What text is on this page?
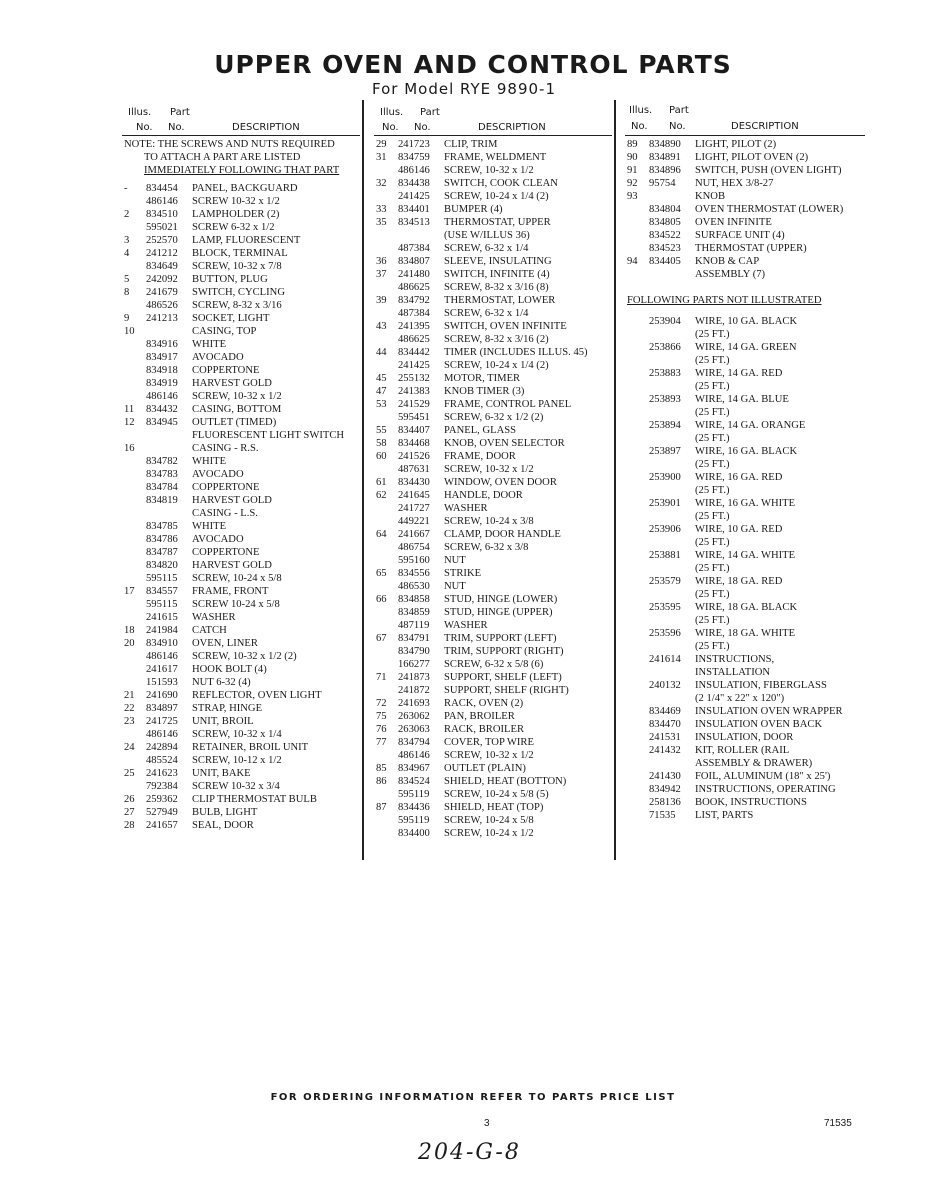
UPPER OVEN AND CONTROL PARTS
For Model RYE 9890-1
Illus. Part
No. No.	DESCRIPTION
NOTE: THE SCREWS AND NUTS REQUIRED
TO ATTACH A PART ARE LISTED
IMMEDIATELY FOLLOWING THAT PART
- 834454 PANEL, BACKGUARD
486146 SCREW 10-32 x 1/2
2 834510 LAMPHOLDER (2)
595021 SCREW 6-32 x 1/2
3 252570 LAMP, FLUORESCENT
4 241212 BLOCK, TERMINAL
834649 SCREW, 10-32 x 7/8
5 242092 BUTTON, PLUG
8 241679 SWITCH, CYCLING
486526 SCREW, 8-32 x 3/16
9 241213 SOCKET, LIGHT
10	CASING, TOP
834916 WHITE
834917 AVOCADO
834918 COPPERTONE
834919 HARVEST GOLD
486146 SCREW, 10-32 x 1/2
11 834432 CASING, BOTTOM
12 834945 OUTLET (TIMED)
FLUORESCENT LIGHT SWITCH
16	CASING - R.S.
834782 WHITE
834783 AVOCADO
834784 COPPERTONE
834819 HARVEST GOLD
CASING - L.S.
834785 WHITE
834786 AVOCADO
834787 COPPERTONE
834820 HARVEST GOLD
595115 SCREW, 10-24 x 5/8
17 834557 FRAME, FRONT
595115 SCREW 10-24 x 5/8
241615 WASHER
18 241984 CATCH
20 834910 OVEN, LINER
486146 SCREW, 10-32 x 1/2 (2)
241617 HOOK BOLT (4)
151593 NUT 6-32 (4)
21 241690 REFLECTOR, OVEN LIGHT
22 834897 STRAP, HINGE
23 241725 UNIT, BROIL
486146 SCREW, 10-32 x 1/4
24 242894 RETAINER, BROIL UNIT
485524 SCREW, 10-12 x 1/2
25 241623 UNIT, BAKE
792384 SCREW 10-32 x 3/4
26 259362 CLIP THERMOSTAT BULB
27 527949 BULB, LIGHT
28 241657 SEAL, DOOR
Illus. Part
No. No.	DESCRIPTION
29 241723 CLIP, TRIM
31 834759 FRAME, WELDMENT
486146 SCREW, 10-32 x 1/2
32 834438 SWITCH, COOK CLEAN
241425 SCREW, 10-24 x 1/4 (2)
33 834401 BUMPER (4)
35 834513 THERMOSTAT, UPPER
(USE W/ILLUS 36)
487384 SCREW, 6-32 x 1/4
36 834807 SLEEVE, INSULATING
37 241480 SWITCH, INFINITE (4)
486625 SCREW, 8-32 x 3/16 (8)
39 834792 THERMOSTAT, LOWER
487384 SCREW, 6-32 x 1/4
43 241395 SWITCH, OVEN INFINITE
486625 SCREW, 8-32 x 3/16 (2)
44 834442 TIMER (INCLUDES ILLUS. 45)
241425 SCREW, 10-24 x 1/4 (2)
45 255132 MOTOR, TIMER
47 241383 KNOB TIMER (3)
53 241529 FRAME, CONTROL PANEL
595451 SCREW, 6-32 x 1/2 (2)
55 834407 PANEL, GLASS
58 834468 KNOB, OVEN SELECTOR
60 241526 FRAME, DOOR
487631 SCREW, 10-32 x 1/2
61 834430 WINDOW, OVEN DOOR
62 241645 HANDLE, DOOR
241727 WASHER
449221 SCREW, 10-24 x 3/8
64 241667 CLAMP, DOOR HANDLE
486754 SCREW, 6-32 x 3/8
595160 NUT
65 834556 STRIKE
486530 NUT
66 834858 STUD, HINGE (LOWER)
834859 STUD, HINGE (UPPER)
487119 WASHER
67 834791 TRIM, SUPPORT (LEFT)
834790 TRIM, SUPPORT (RIGHT)
166277 SCREW, 6-32 x 5/8 (6)
71 241873 SUPPORT, SHELF (LEFT)
241872 SUPPORT, SHELF (RIGHT)
72 241693 RACK, OVEN (2)
75 263062 PAN, BROILER
76 263063 RACK, BROILER
77 834794 COVER, TOP WIRE
486146 SCREW, 10-32 x 1/2
85 834967 OUTLET (PLAIN)
86 834524 SHIELD, HEAT (BOTTON)
595119 SCREW, 10-24 x 5/8 (5)
87 834436 SHIELD, HEAT (TOP)
595119 SCREW, 10-24 x 5/8
834400 SCREW, 10-24 x 1/2
Illus. Part
No. No.	DESCRIPTION
89 834890 LIGHT, PILOT (2)
90 834891 LIGHT, PILOT OVEN (2)
91 834896 SWITCH, PUSH (OVEN LIGHT)
92 95754 NUT, HEX 3/8-27
93	KNOB
834804 OVEN THERMOSTAT (LOWER)
834805 OVEN INFINITE
834522 SURFACE UNIT (4)
834523 THERMOSTAT (UPPER)
94 834405 KNOB & CAP
ASSEMBLY (7)
FOLLOWING PARTS NOT ILLUSTRATED
253904 WIRE, 10 GA. BLACK
(25 FT.)
253866 WIRE, 14 GA. GREEN
(25 FT.)
253883 WIRE, 14 GA. RED
(25 FT.)
253893 WIRE, 14 GA. BLUE
(25 FT.)
253894 WIRE, 14 GA. ORANGE
(25 FT.)
253897 WIRE, 16 GA. BLACK
(25 FT.)
253900 WIRE, 16 GA. RED
(25 FT.)
253901 WIRE, 16 GA. WHITE
(25 FT.)
253906 WIRE, 10 GA. RED
(25 FT.)
253881 WIRE, 14 GA. WHITE
(25 FT.)
253579 WIRE, 18 GA. RED
(25 FT.)
253595 WIRE, 18 GA. BLACK
(25 FT.)
253596 WIRE, 18 GA. WHITE
(25 FT.)
241614 INSTRUCTIONS,
INSTALLATION
240132 INSULATION, FIBERGLASS
(2 1/4" x 22" x 120")
834469 INSULATION OVEN WRAPPER
834470 INSULATION OVEN BACK
241531 INSULATION, DOOR
241432 KIT, ROLLER (RAIL
ASSEMBLY & DRAWER)
241430 FOIL, ALUMINUM (18" x 25')
834942 INSTRUCTIONS, OPERATING
258136 BOOK, INSTRUCTIONS
71535 LIST, PARTS
FOR ORDERING INFORMATION REFER TO PARTS PRICE LIST
3	71535
204-G-8
